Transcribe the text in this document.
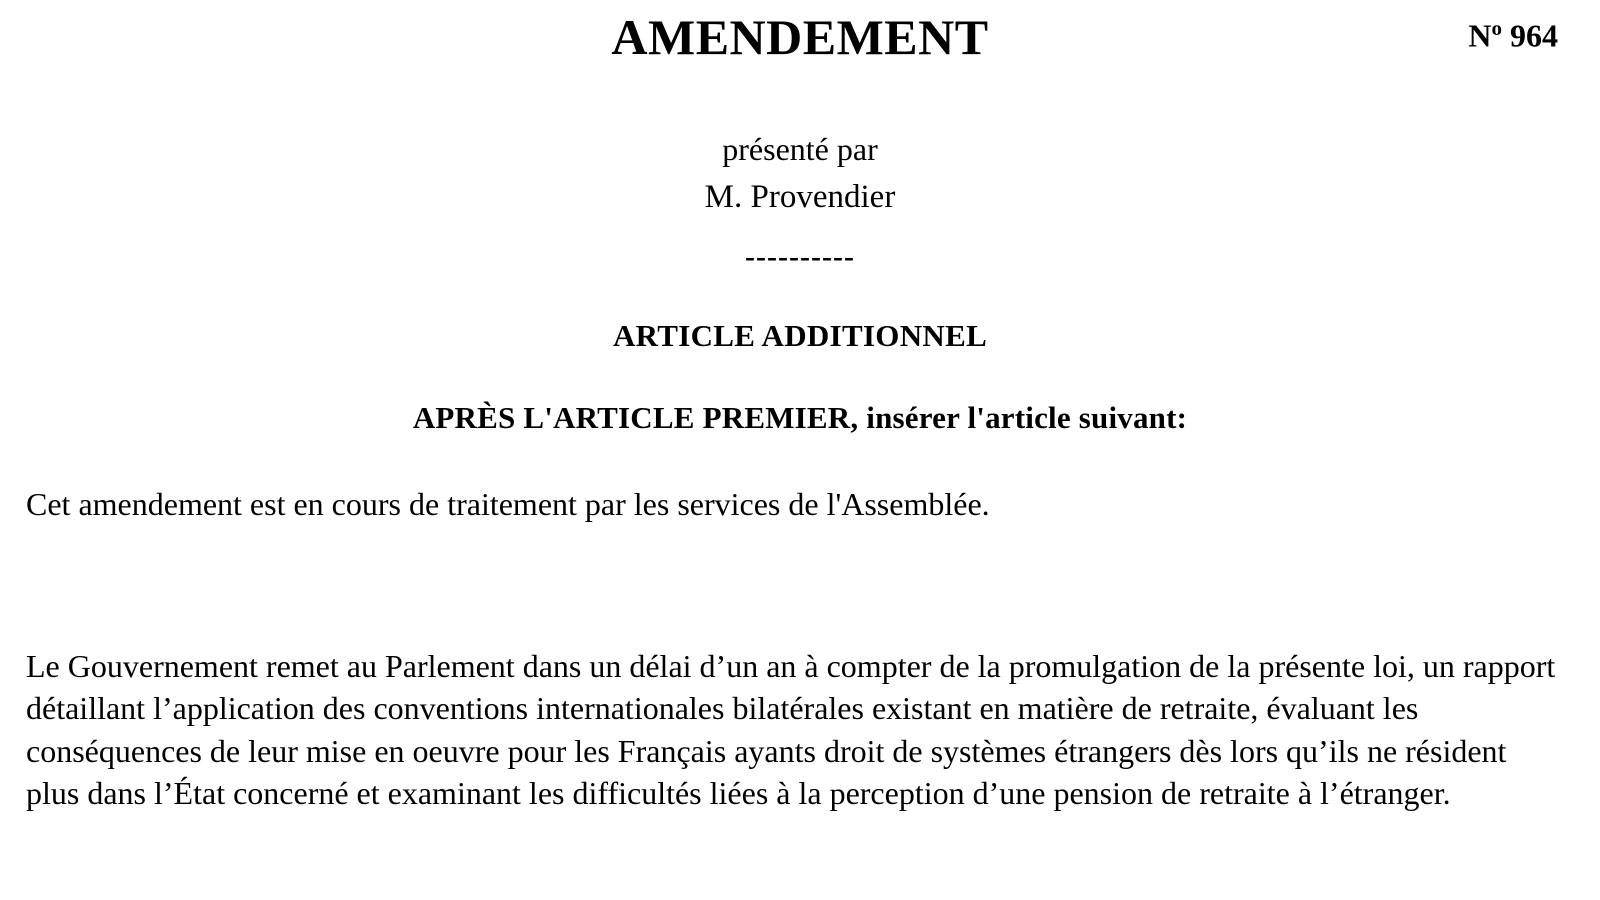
AMENDEMENT	$N^o$ 964
présenté par
M. Provendier
----------
ARTICLE ADDITIONNEL
APRÈS L'ARTICLE PREMIER, insérer l'article suivant:
Cet amendement est en cours de traitement par les services de l'Assemblée.
Le Gouvernement remet au Parlement dans un délai d’un an à compter de la promulgation de la présente loi, un rapport détaillant l’application des conventions internationales bilatérales existant en matière de retraite, évaluant les conséquences de leur mise en oeuvre pour les Français ayants droit de systèmes étrangers dès lors qu’ils ne résident plus dans l’État concerné et examinant les difficultés liées à la perception d’une pension de retraite à l’étranger.
